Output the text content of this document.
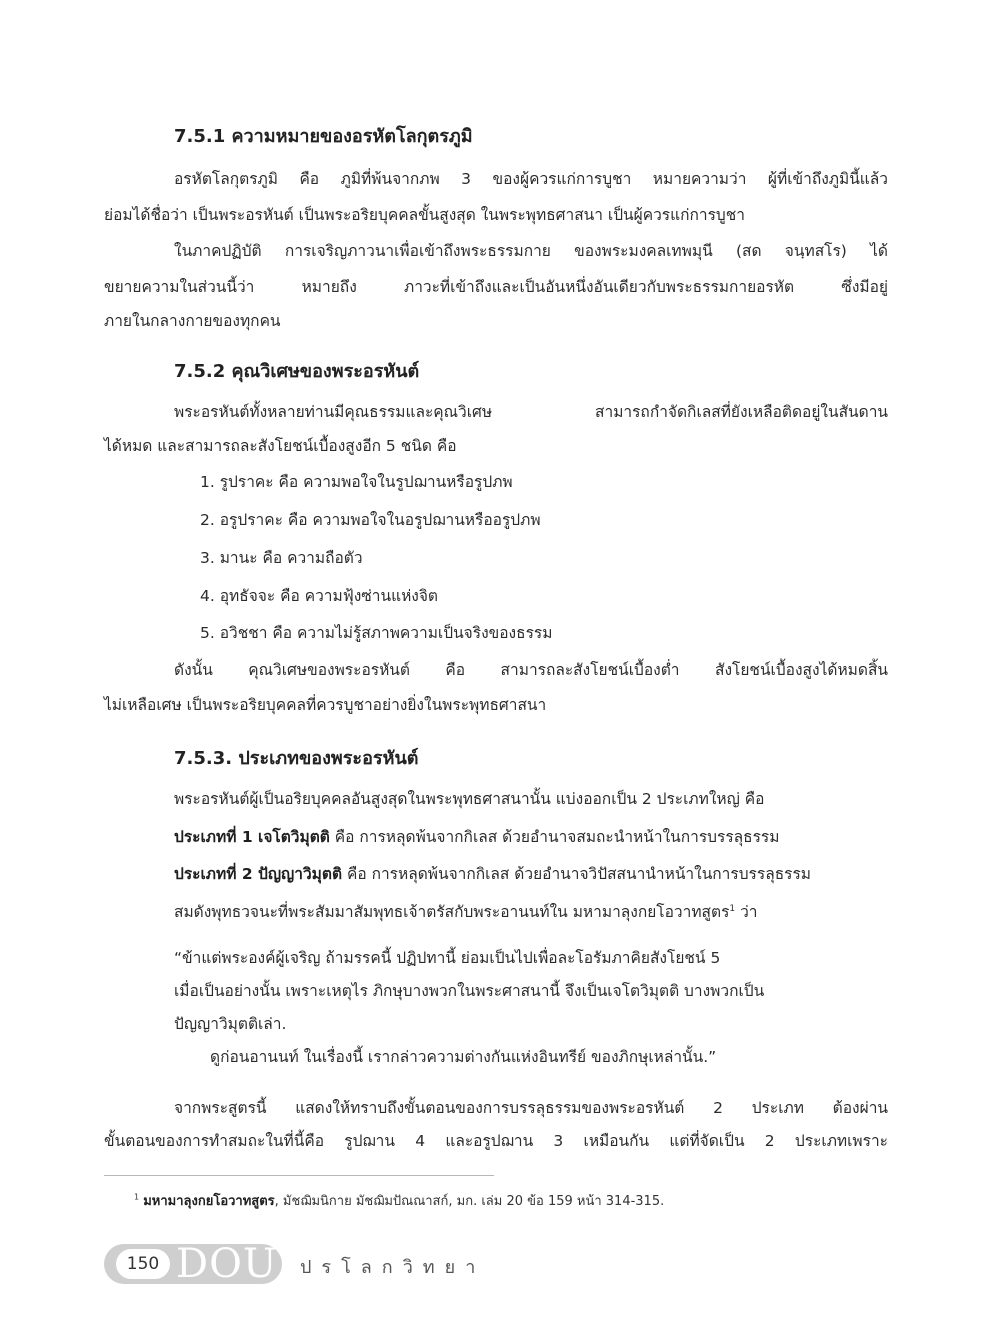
7.5.1 ความหมายของอรหัตโลกุตรภูมิ

อรหัตโลกุตรภูมิ คือ ภูมิที่พ้นจากภพ 3 ของผู้ควรแก่การบูชา หมายความว่า ผู้ที่เข้าถึงภูมินี้แล้ว

ย่อมได้ชื่อว่า เป็นพระอรหันต์ เป็นพระอริยบุคคลขั้นสูงสุด ในพระพุทธศาสนา เป็นผู้ควรแก่การบูชา

ในภาคปฏิบัติ การเจริญภาวนาเพื่อเข้าถึงพระธรรมกาย ของพระมงคลเทพมุนี (สด จนฺทสโร) ได้

ขยายความในส่วนนี้ว่า หมายถึง ภาวะที่เข้าถึงและเป็นอันหนึ่งอันเดียวกับพระธรรมกายอรหัต ซึ่งมีอยู่

ภายในกลางกายของทุกคน

7.5.2 คุณวิเศษของพระอรหันต์

พระอรหันต์ทั้งหลายท่านมีคุณธรรมและคุณวิเศษ สามารถกำจัดกิเลสที่ยังเหลือติดอยู่ในสันดาน

ได้หมด และสามารถละสังโยชน์เบื้องสูงอีก 5 ชนิด คือ

1. รูปราคะ คือ ความพอใจในรูปฌานหรือรูปภพ

2. อรูปราคะ คือ ความพอใจในอรูปฌานหรืออรูปภพ

3. มานะ คือ ความถือตัว

4. อุทธัจจะ คือ ความฟุ้งซ่านแห่งจิต

5. อวิชชา คือ ความไม่รู้สภาพความเป็นจริงของธรรม

ดังนั้น คุณวิเศษของพระอรหันต์ คือ สามารถละสังโยชน์เบื้องต่ำ สังโยชน์เบื้องสูงได้หมดสิ้น

ไม่เหลือเศษ เป็นพระอริยบุคคลที่ควรบูชาอย่างยิ่งในพระพุทธศาสนา

7.5.3. ประเภทของพระอรหันต์

พระอรหันต์ผู้เป็นอริยบุคคลอันสูงสุดในพระพุทธศาสนานั้น แบ่งออกเป็น 2 ประเภทใหญ่ คือ

ประเภทที่ 1 เจโตวิมุตติ คือ การหลุดพ้นจากกิเลส ด้วยอำนาจสมถะนำหน้าในการบรรลุธรรม

ประเภทที่ 2 ปัญญาวิมุตติ คือ การหลุดพ้นจากกิเลส ด้วยอำนาจวิปัสสนานำหน้าในการบรรลุธรรม

สมดังพุทธวจนะที่พระสัมมาสัมพุทธเจ้าตรัสกับพระอานนท์ใน มหามาลุงกยโอวาทสูตร$^1$ ว่า

“ข้าแต่พระองค์ผู้เจริญ ถ้ามรรคนี้ ปฏิปทานี้ ย่อมเป็นไปเพื่อละโอรัมภาคิยสังโยชน์ 5

เมื่อเป็นอย่างนั้น เพราะเหตุไร ภิกษุบางพวกในพระศาสนานี้ จึงเป็นเจโตวิมุตติ บางพวกเป็น

ปัญญาวิมุตติเล่า.

ดูก่อนอานนท์ ในเรื่องนี้ เรากล่าวความต่างกันแห่งอินทรีย์ ของภิกษุเหล่านั้น.”

จากพระสูตรนี้ แสดงให้ทราบถึงขั้นตอนของการบรรลุธรรมของพระอรหันต์ 2 ประเภท ต้องผ่าน

ขั้นตอนของการทำสมถะในที่นี้คือ รูปฌาน 4 และอรูปฌาน 3 เหมือนกัน แต่ที่จัดเป็น 2 ประเภทเพราะ

$^1$ มหามาลุงกยโอวาทสูตร, มัชฌิมนิกาย มัชฌิมปัณณาสก์, มก. เล่ม 20 ข้อ 159 หน้า 314-315.
150 DOU ปรโลกวิทยา
